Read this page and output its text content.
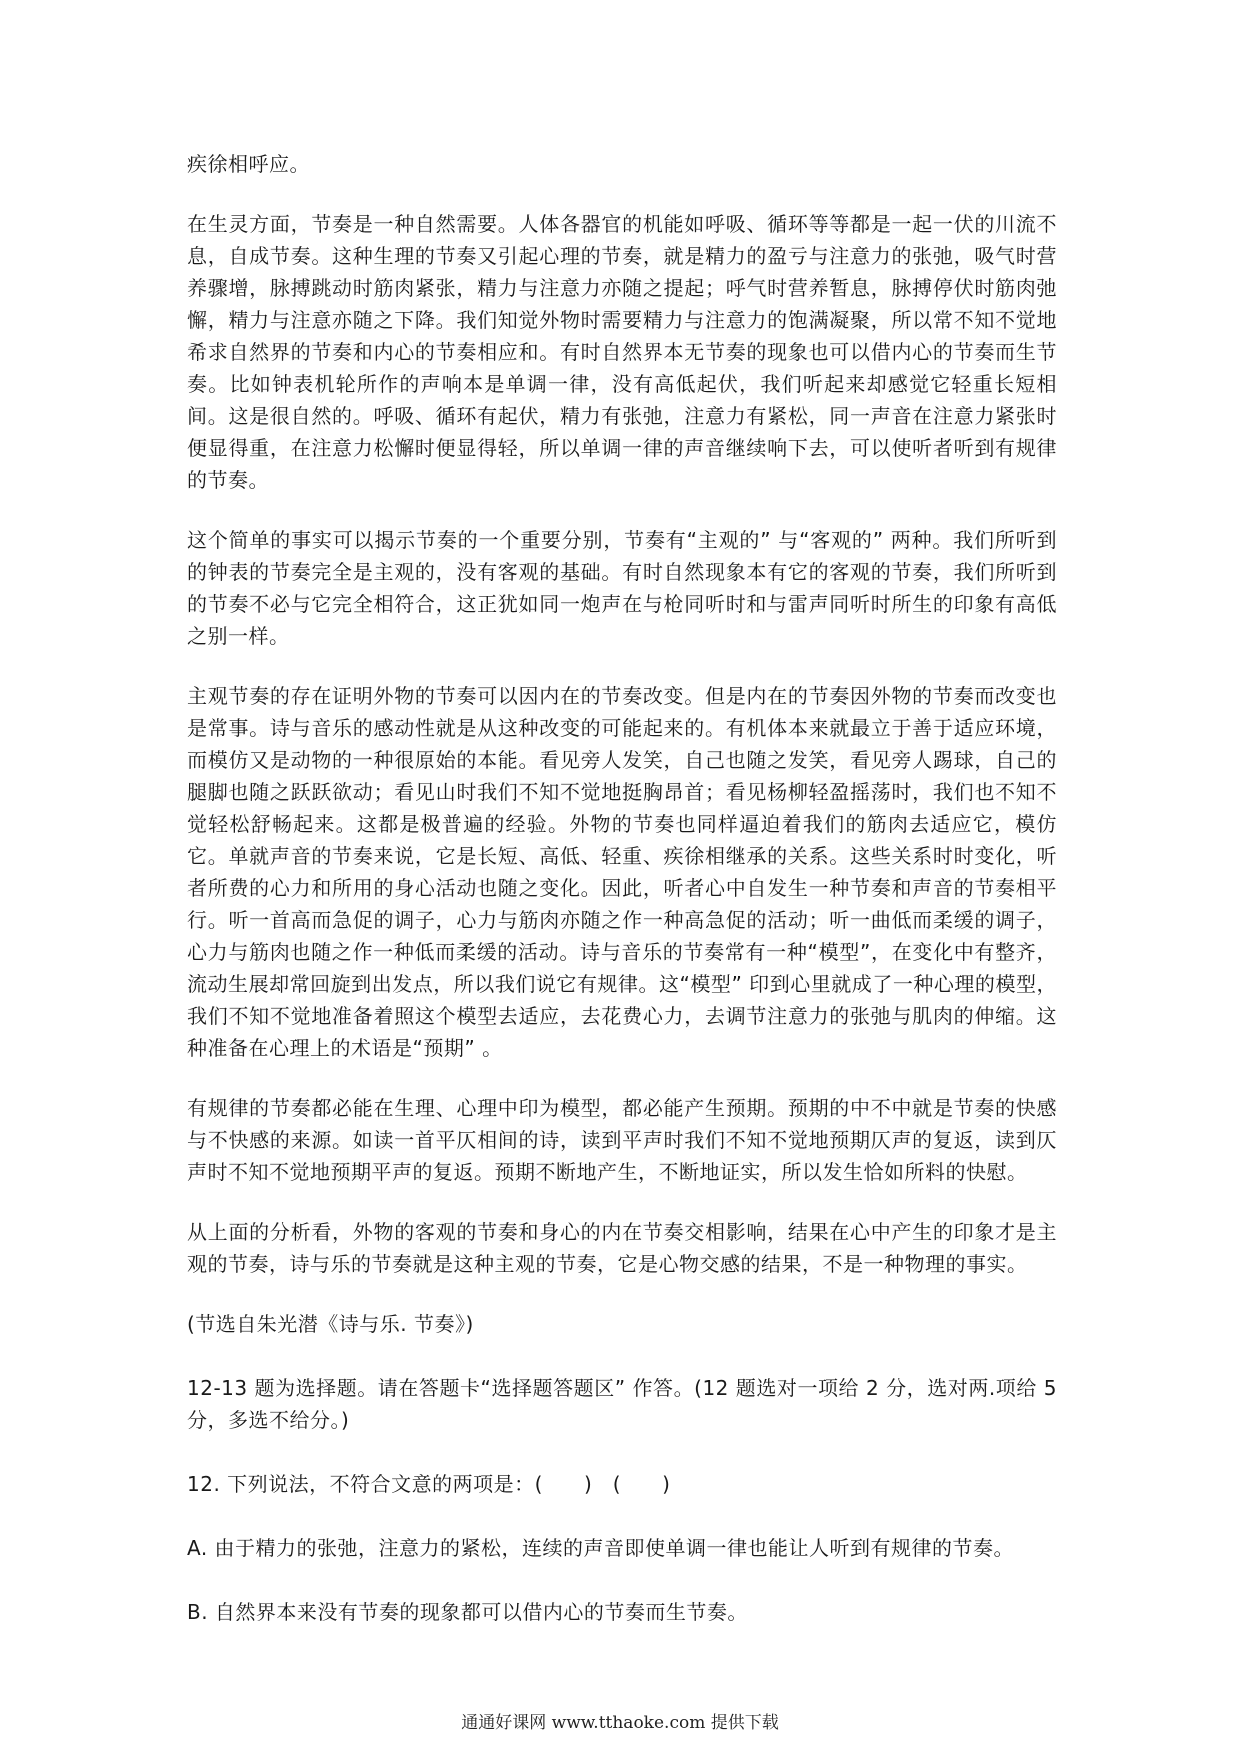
疾徐相呼应。

在生灵方面，节奏是一种自然需要。人体各器官的机能如呼吸、循环等等都是一起一伏的川流不息，自成节奏。这种生理的节奏又引起心理的节奏，就是精力的盈亏与注意力的张弛，吸气时营养骤增，脉搏跳动时筋肉紧张，精力与注意力亦随之提起；呼气时营养暂息，脉搏停伏时筋肉弛懈，精力与注意亦随之下降。我们知觉外物时需要精力与注意力的饱满凝聚，所以常不知不觉地希求自然界的节奏和内心的节奏相应和。有时自然界本无节奏的现象也可以借内心的节奏而生节奏。比如钟表机轮所作的声响本是单调一律，没有高低起伏，我们听起来却感觉它轻重长短相间。这是很自然的。呼吸、循环有起伏，精力有张弛，注意力有紧松，同一声音在注意力紧张时便显得重，在注意力松懈时便显得轻，所以单调一律的声音继续响下去，可以使听者听到有规律的节奏。

这个简单的事实可以揭示节奏的一个重要分别，节奏有“主观的” 与“客观的” 两种。我们所听到的钟表的节奏完全是主观的，没有客观的基础。有时自然现象本有它的客观的节奏，我们所听到的节奏不必与它完全相符合，这正犹如同一炮声在与枪同听时和与雷声同听时所生的印象有高低之别一样。

主观节奏的存在证明外物的节奏可以因内在的节奏改变。但是内在的节奏因外物的节奏而改变也是常事。诗与音乐的感动性就是从这种改变的可能起来的。有机体本来就最立于善于适应环境，而模仿又是动物的一种很原始的本能。看见旁人发笑，自己也随之发笑，看见旁人踢球，自己的腿脚也随之跃跃欲动；看见山时我们不知不觉地挺胸昂首；看见杨柳轻盈摇荡时，我们也不知不觉轻松舒畅起来。这都是极普遍的经验。外物的节奏也同样逼迫着我们的筋肉去适应它，模仿它。单就声音的节奏来说，它是长短、高低、轻重、疾徐相继承的关系。这些关系时时变化，听者所费的心力和所用的身心活动也随之变化。因此，听者心中自发生一种节奏和声音的节奏相平行。听一首高而急促的调子，心力与筋肉亦随之作一种高急促的活动；听一曲低而柔缓的调子，心力与筋肉也随之作一种低而柔缓的活动。诗与音乐的节奏常有一种“模型”，在变化中有整齐，流动生展却常回旋到出发点，所以我们说它有规律。这“模型” 印到心里就成了一种心理的模型，我们不知不觉地准备着照这个模型去适应，去花费心力，去调节注意力的张弛与肌肉的伸缩。这种准备在心理上的术语是“预期” 。

有规律的节奏都必能在生理、心理中印为模型，都必能产生预期。预期的中不中就是节奏的快感与不快感的来源。如读一首平仄相间的诗，读到平声时我们不知不觉地预期仄声的复返，读到仄声时不知不觉地预期平声的复返。预期不断地产生，不断地证实，所以发生恰如所料的快慰。

从上面的分析看，外物的客观的节奏和身心的内在节奏交相影响，结果在心中产生的印象才是主观的节奏，诗与乐的节奏就是这种主观的节奏，它是心物交感的结果，不是一种物理的事实。

(节选自朱光潜《诗与乐. 节奏》)

12-13 题为选择题。请在答题卡“选择题答题区” 作答。(12 题选对一项给 2 分，选对两.项给 5 分，多选不给分。)

12. 下列说法，不符合文意的两项是：(　　)　(　　)

A. 由于精力的张弛，注意力的紧松，连续的声音即使单调一律也能让人听到有规律的节奏。

B. 自然界本来没有节奏的现象都可以借内心的节奏而生节奏。

通通好课网 www.tthaoke.com 提供下载
